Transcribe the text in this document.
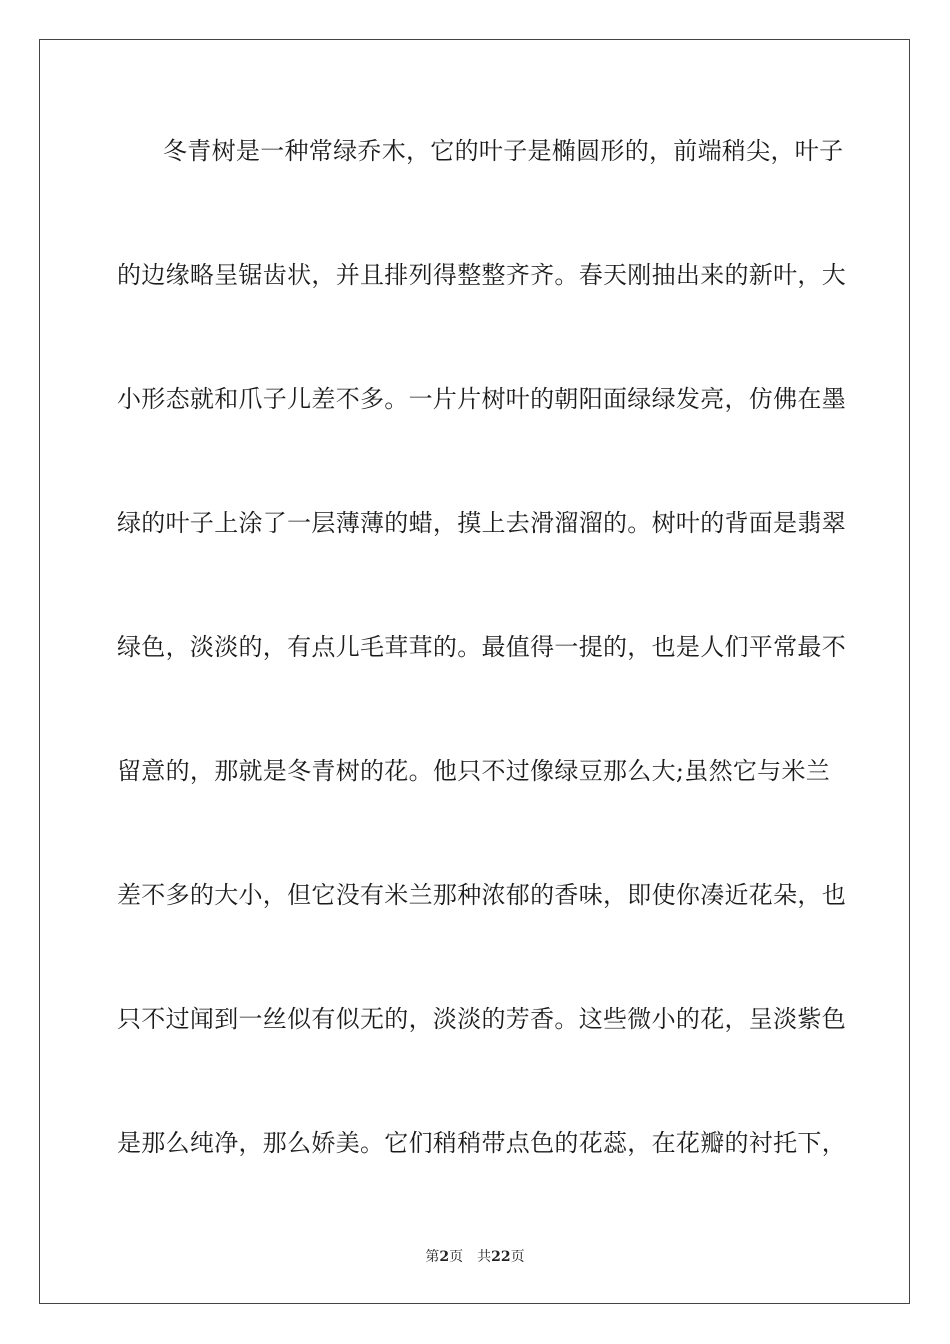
冬青树是一种常绿乔木，它的叶子是椭圆形的，前端稍尖，叶子
的边缘略呈锯齿状，并且排列得整整齐齐。春天刚抽出来的新叶，大
小形态就和爪子儿差不多。一片片树叶的朝阳面绿绿发亮，仿佛在墨
绿的叶子上涂了一层薄薄的蜡，摸上去滑溜溜的。树叶的背面是翡翠
绿色，淡淡的，有点儿毛茸茸的。最值得一提的，也是人们平常最不
留意的，那就是冬青树的花。他只不过像绿豆那么大;虽然它与米兰
差不多的大小，但它没有米兰那种浓郁的香味，即使你凑近花朵，也
只不过闻到一丝似有似无的，淡淡的芳香。这些微小的花，呈淡紫色
是那么纯净，那么娇美。它们稍稍带点色的花蕊，在花瓣的衬托下，
第2页 共22页
